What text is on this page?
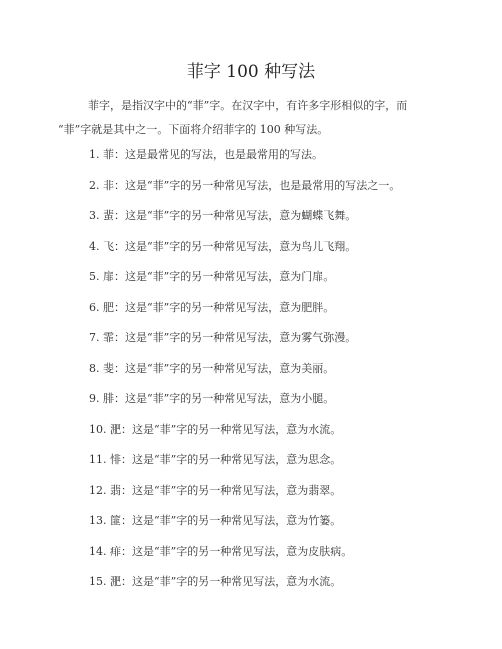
菲字 100 种写法
菲字，是指汉字中的“菲”字。在汉字中，有许多字形相似的字，而
“菲”字就是其中之一。下面将介绍菲字的 100 种写法。
1. 菲：这是最常见的写法，也是最常用的写法。
2. 非：这是“菲”字的另一种常见写法，也是最常用的写法之一。
3. 蜚：这是“菲”字的另一种常见写法，意为蝴蝶飞舞。
4. 飞：这是“菲”字的另一种常见写法，意为鸟儿飞翔。
5. 扉：这是“菲”字的另一种常见写法，意为门扉。
6. 肥：这是“菲”字的另一种常见写法，意为肥胖。
7. 霏：这是“菲”字的另一种常见写法，意为雾气弥漫。
8. 斐：这是“菲”字的另一种常见写法，意为美丽。
9. 腓：这是“菲”字的另一种常见写法，意为小腿。
10. 淝：这是“菲”字的另一种常见写法，意为水流。
11. 悱：这是“菲”字的另一种常见写法，意为思念。
12. 翡：这是“菲”字的另一种常见写法，意为翡翠。
13. 篚：这是“菲”字的另一种常见写法，意为竹篓。
14. 痱：这是“菲”字的另一种常见写法，意为皮肤病。
15. 淝：这是“菲”字的另一种常见写法，意为水流。
